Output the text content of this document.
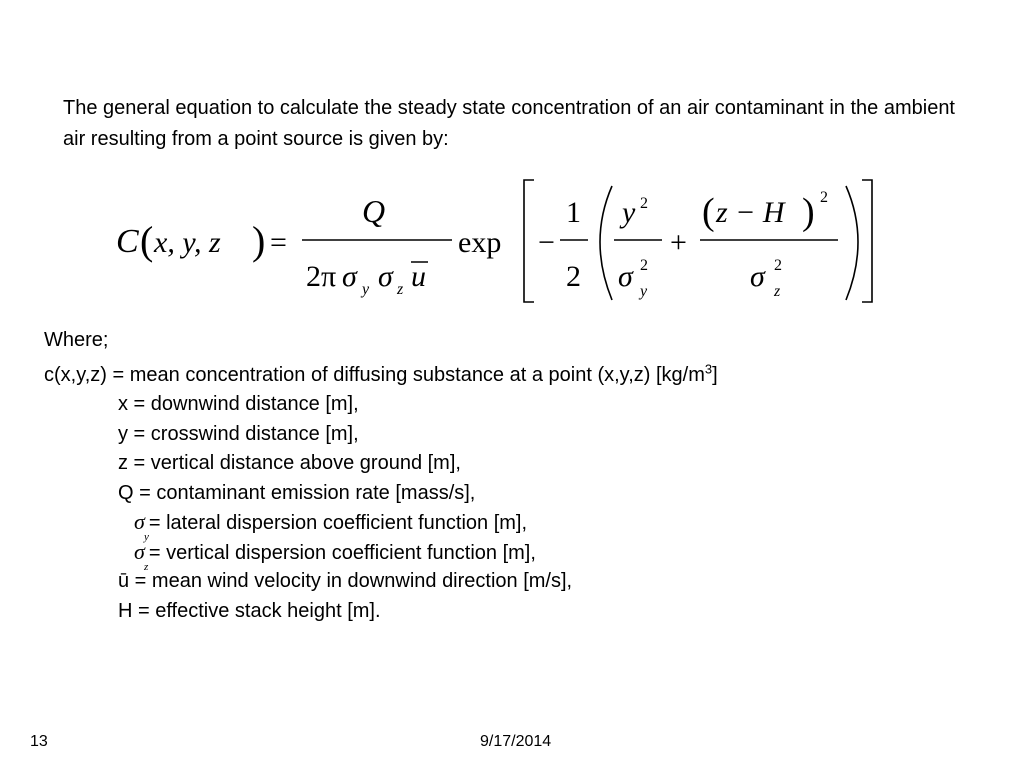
The general equation to calculate the steady state concentration of an air contaminant in the ambient air resulting from a point source is given by:
C ( x, y, z ) =
Q
2π σ y σ z u
exp −
1
2
y 2
σ 2
y
+
( z − H ) 2
σ 2
z
Where;
c(x,y,z) = mean concentration of diffusing substance at a point (x,y,z) $[kg/m^3]$
x = downwind distance [m],
y = crosswind distance [m],
z = vertical distance above ground [m],
Q = contaminant emission rate [mass/s],
σ
y
= lateral dispersion coefficient function [m],
σ
z
= vertical dispersion coefficient function [m],
ū = mean wind velocity in downwind direction [m/s],
H = effective stack height [m].
13	9/17/2014
